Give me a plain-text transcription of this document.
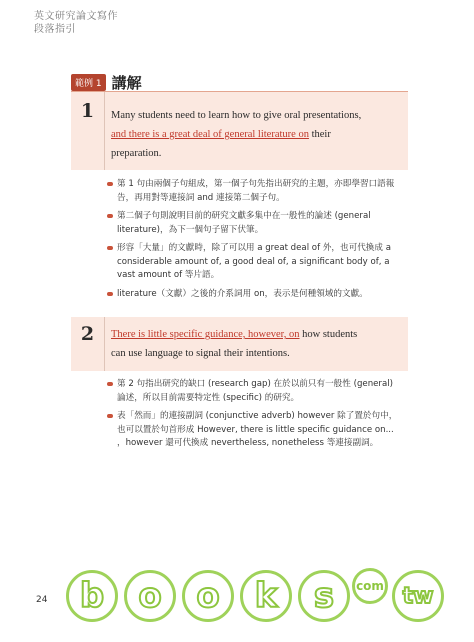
英文研究論文寫作
段落指引
範例 1 講解
1	Many students need to learn how to give oral presentations,
and there is a great deal of general literature on their
preparation.
第 1 句由兩個子句組成，第一個子句先指出研究的主題，亦即學習口語報告，再用對等連接詞 and 連接第二個子句。
第二個子句則說明目前的研究文獻多集中在一般性的論述 (general literature)，為下一個句子留下伏筆。
形容「大量」的文獻時，除了可以用 a great deal of 外，也可代換成 a considerable amount of, a good deal of, a significant body of, a vast amount of 等片語。
literature（文獻）之後的介系詞用 on，表示是何種領域的文獻。
2	There is little specific guidance, however, on how students
can use language to signal their intentions.
第 2 句指出研究的缺口 (research gap) 在於以前只有一般性 (general) 論述，所以目前需要特定性 (specific) 的研究。
表「然而」的連接副詞 (conjunctive adverb) however 除了置於句中，也可以置於句首形成 However, there is little specific guidance on... ，however 還可代換成 nevertheless, nonetheless 等連接副詞。
24 b	o	o	k	s	com tw
